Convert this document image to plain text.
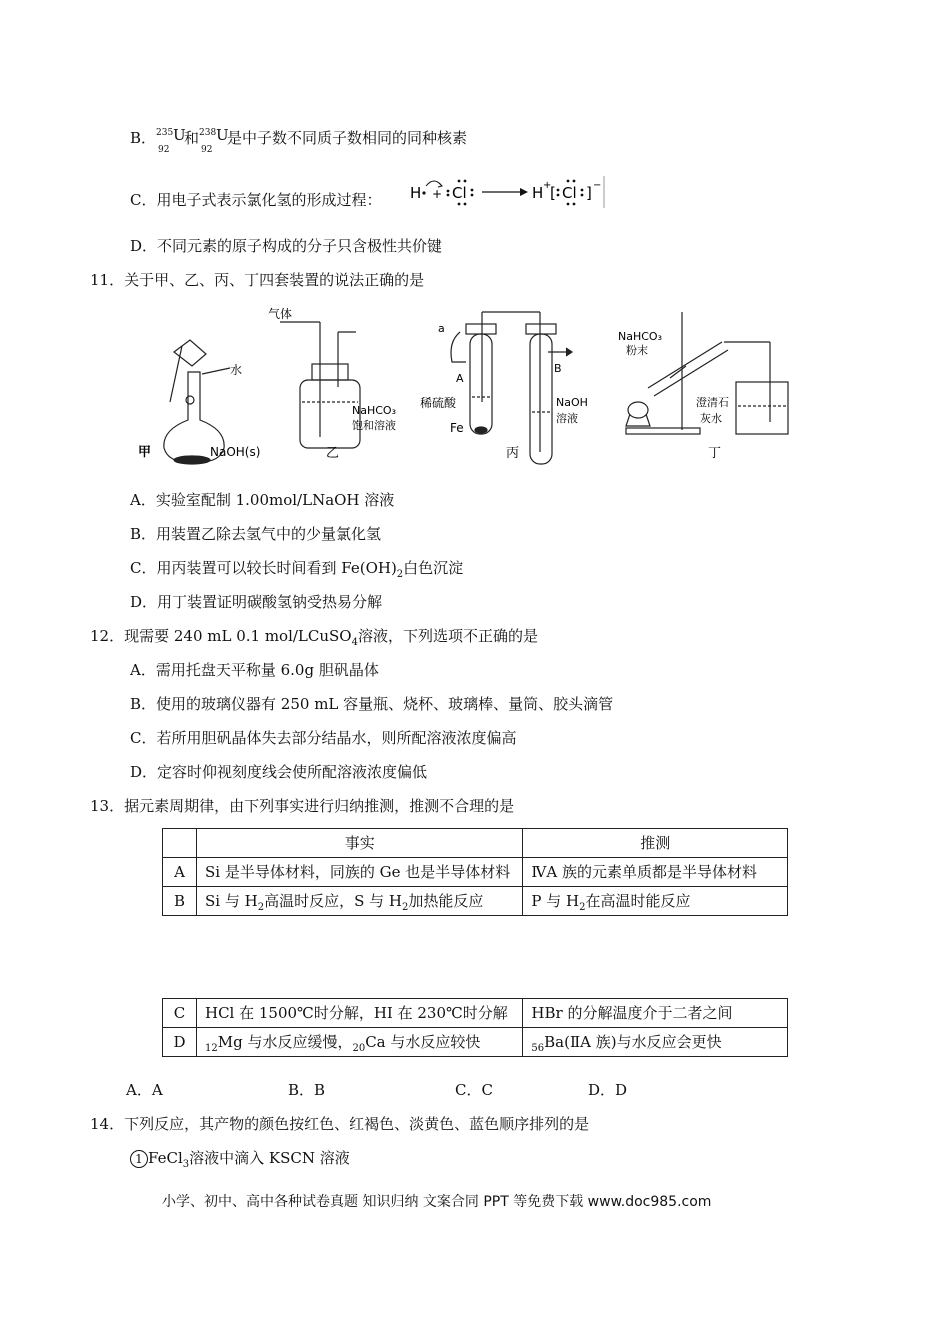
B． 235
92
U
和 238
92
U
是中子数不同质子数相同的同种核素
C．用电子式表示氯化氢的形成过程： H + Cl	H +
[ Cl ] −
D．不同元素的原子构成的分子只含极性共价键
11．关于甲、乙、丙、丁四套装置的说法正确的是
水
NaOH(s)
甲
气体
NaHCO₃
饱和溶液
乙
a
A
B
稀硫酸
Fe
NaOH
溶液
丙
NaHCO₃
粉末
澄清石
灰水
丁
A．实验室配制 1.00mol/LNaOH 溶液
B．用装置乙除去氢气中的少量氯化氢
C．用丙装置可以较长时间看到 $Fe(OH)_2$白色沉淀
D．用丁装置证明碳酸氢钠受热易分解
12．现需要 240 mL 0.1 mol/LCuSO$_4$溶液，下列选项不正确的是
A．需用托盘天平称量 6.0g 胆矾晶体
B．使用的玻璃仪器有 250 mL 容量瓶、烧杯、玻璃棒、量筒、胶头滴管
C．若所用胆矾晶体失去部分结晶水，则所配溶液浓度偏高
D．定容时仰视刻度线会使所配溶液浓度偏低
13．据元素周期律，由下列事实进行归纳推测，推测不合理的是
	事实	推测
A	Si 是半导体材料，同族的 Ge 也是半导体材料	ⅣA 族的元素单质都是半导体材料
B	Si 与 $H_2$高温时反应，S 与 $H_2$加热能反应	P 与 $H_2$在高温时能反应
C	HCl 在 1500℃时分解，HI 在 230℃时分解	HBr 的分解温度介于二者之间
D	$_{12}$Mg 与水反应缓慢，$_{20}$Ca 与水反应较快	$_{56}$Ba(ⅡA 族)与水反应会更快
A．A	B．B	C．C	D．D
14．下列反应，其产物的颜色按红色、红褐色、淡黄色、蓝色顺序排列的是
1 FeCl$_3$溶液中滴入 KSCN 溶液
小学、初中、高中各种试卷真题 知识归纳 文案合同 PPT 等免费下载 www.doc985.com
